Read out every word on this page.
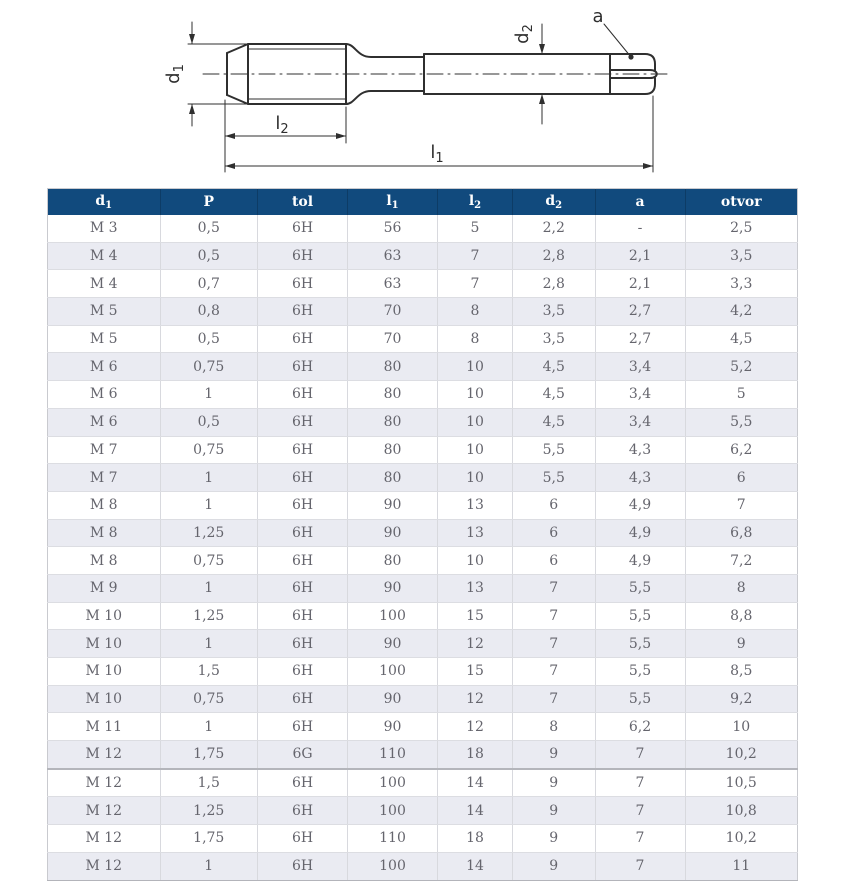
$d_1$
$l_2$
$l_1$
$d_2$
a
$d_1$	P	tol	$l_1$	$l_2$	$d_2$	a	otvor
M 3	0,5	6H	56	5	2,2	-	2,5
M 4	0,5	6H	63	7	2,8	2,1	3,5
M 4	0,7	6H	63	7	2,8	2,1	3,3
M 5	0,8	6H	70	8	3,5	2,7	4,2
M 5	0,5	6H	70	8	3,5	2,7	4,5
M 6	0,75	6H	80	10	4,5	3,4	5,2
M 6	1	6H	80	10	4,5	3,4	5
M 6	0,5	6H	80	10	4,5	3,4	5,5
M 7	0,75	6H	80	10	5,5	4,3	6,2
M 7	1	6H	80	10	5,5	4,3	6
M 8	1	6H	90	13	6	4,9	7
M 8	1,25	6H	90	13	6	4,9	6,8
M 8	0,75	6H	80	10	6	4,9	7,2
M 9	1	6H	90	13	7	5,5	8
M 10	1,25	6H	100	15	7	5,5	8,8
M 10	1	6H	90	12	7	5,5	9
M 10	1,5	6H	100	15	7	5,5	8,5
M 10	0,75	6H	90	12	7	5,5	9,2
M 11	1	6H	90	12	8	6,2	10
M 12	1,75	6G	110	18	9	7	10,2
M 12	1,5	6H	100	14	9	7	10,5
M 12	1,25	6H	100	14	9	7	10,8
M 12	1,75	6H	110	18	9	7	10,2
M 12	1	6H	100	14	9	7	11
